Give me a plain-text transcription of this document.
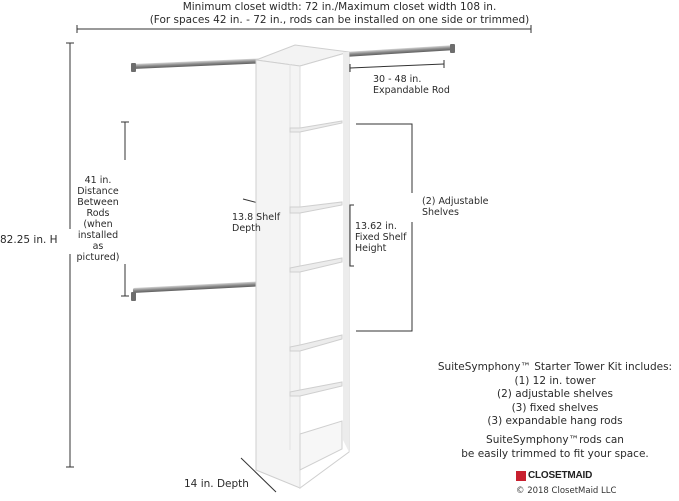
Minimum closet width: 72 in./Maximum closet width 108 in.
(For spaces 42 in. - 72 in., rods can be installed on one side or trimmed)
30 - 48 in.
Expandable Rod
41 in.
Distance
Between
Rods
(when
installed
as
pictured)
82.25 in. H
13.8 Shelf
Depth	13.62 in.
Fixed Shelf
Height
(2) Adjustable
Shelves
14 in. Depth
SuiteSymphony™ Starter Tower Kit includes:
(1) 12 in. tower
(2) adjustable shelves
(3) fixed shelves
(3) expandable hang rods
SuiteSymphony™rods can
be easily trimmed to fit your space.
CLOSETMAID
© 2018 ClosetMaid LLC
